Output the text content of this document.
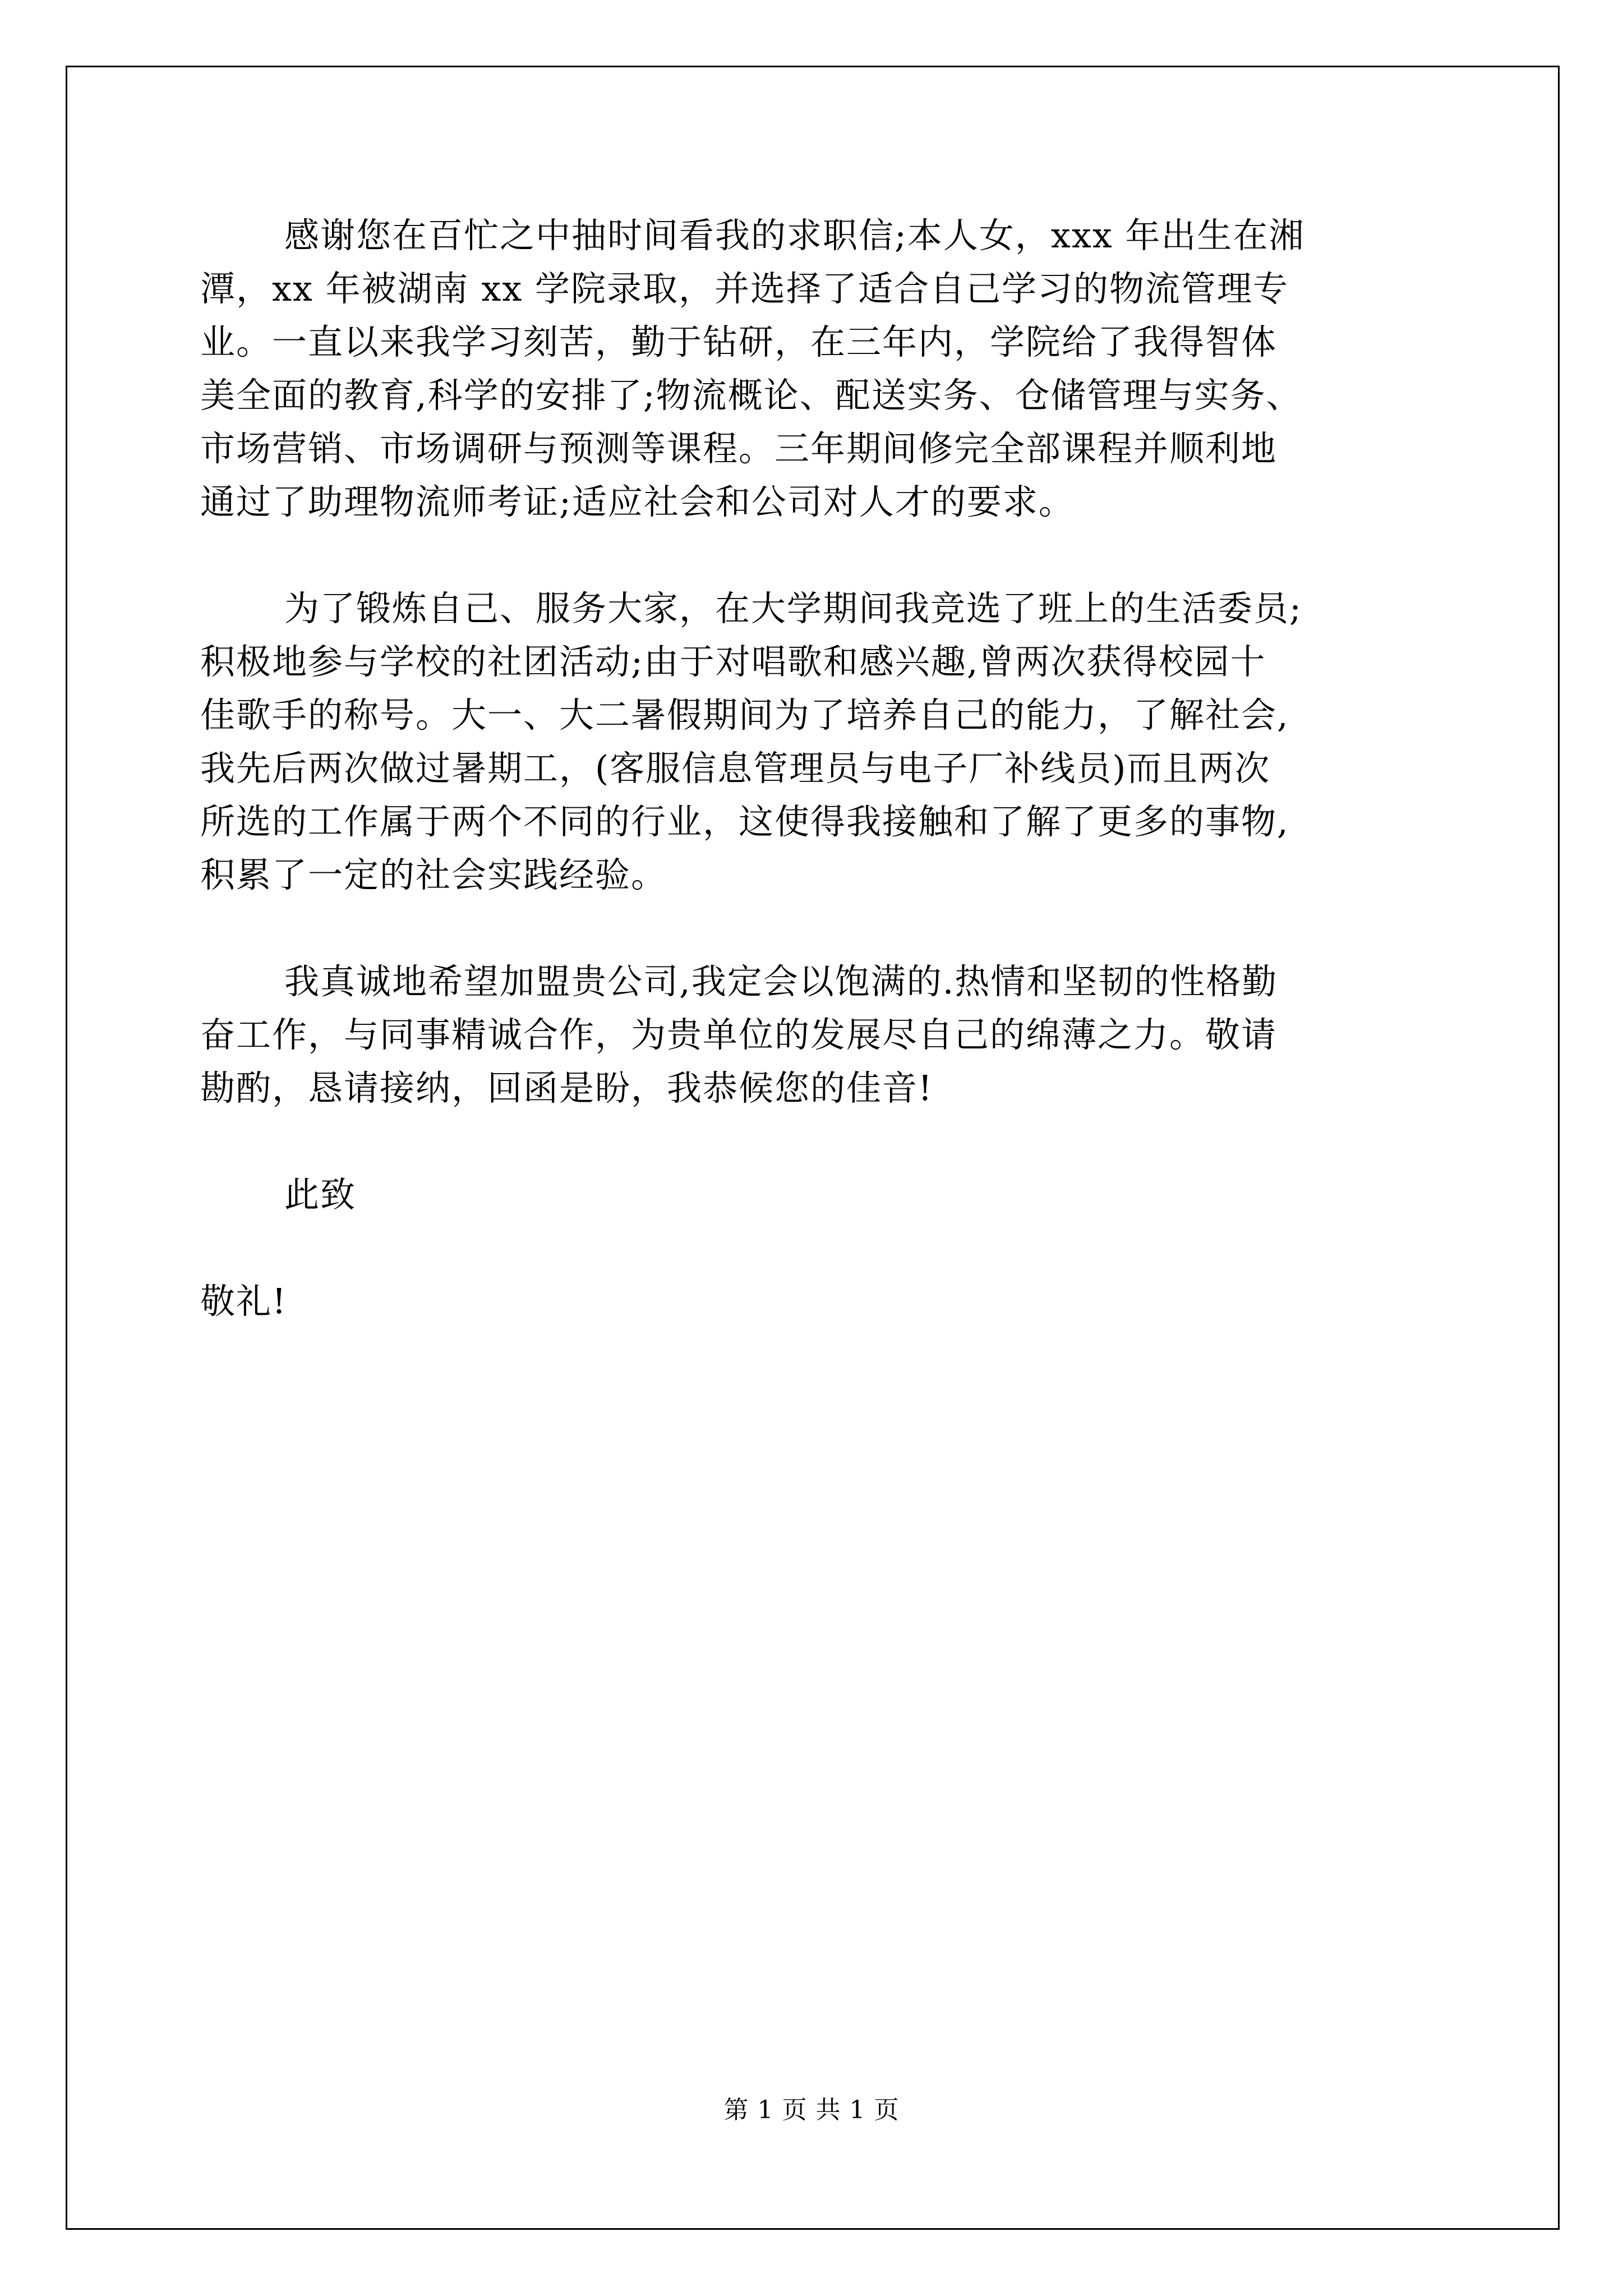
感谢您在百忙之中抽时间看我的求职信;本人女，xxx 年出生在湘
潭，xx 年被湖南 xx 学院录取，并选择了适合自己学习的物流管理专
业。一直以来我学习刻苦，勤于钻研，在三年内，学院给了我得智体
美全面的教育,科学的安排了;物流概论、配送实务、仓储管理与实务、
市场营销、市场调研与预测等课程。三年期间修完全部课程并顺利地
通过了助理物流师考证;适应社会和公司对人才的要求。
为了锻炼自己、服务大家，在大学期间我竞选了班上的生活委员;
积极地参与学校的社团活动;由于对唱歌和感兴趣,曾两次获得校园十
佳歌手的称号。大一、大二暑假期间为了培养自己的能力，了解社会,
我先后两次做过暑期工，(客服信息管理员与电子厂补线员)而且两次
所选的工作属于两个不同的行业，这使得我接触和了解了更多的事物,
积累了一定的社会实践经验。
我真诚地希望加盟贵公司,我定会以饱满的.热情和坚韧的性格勤
奋工作，与同事精诚合作，为贵单位的发展尽自己的绵薄之力。敬请
勘酌，恳请接纳，回函是盼，我恭候您的佳音!
此致
敬礼!
第 1 页 共 1 页
